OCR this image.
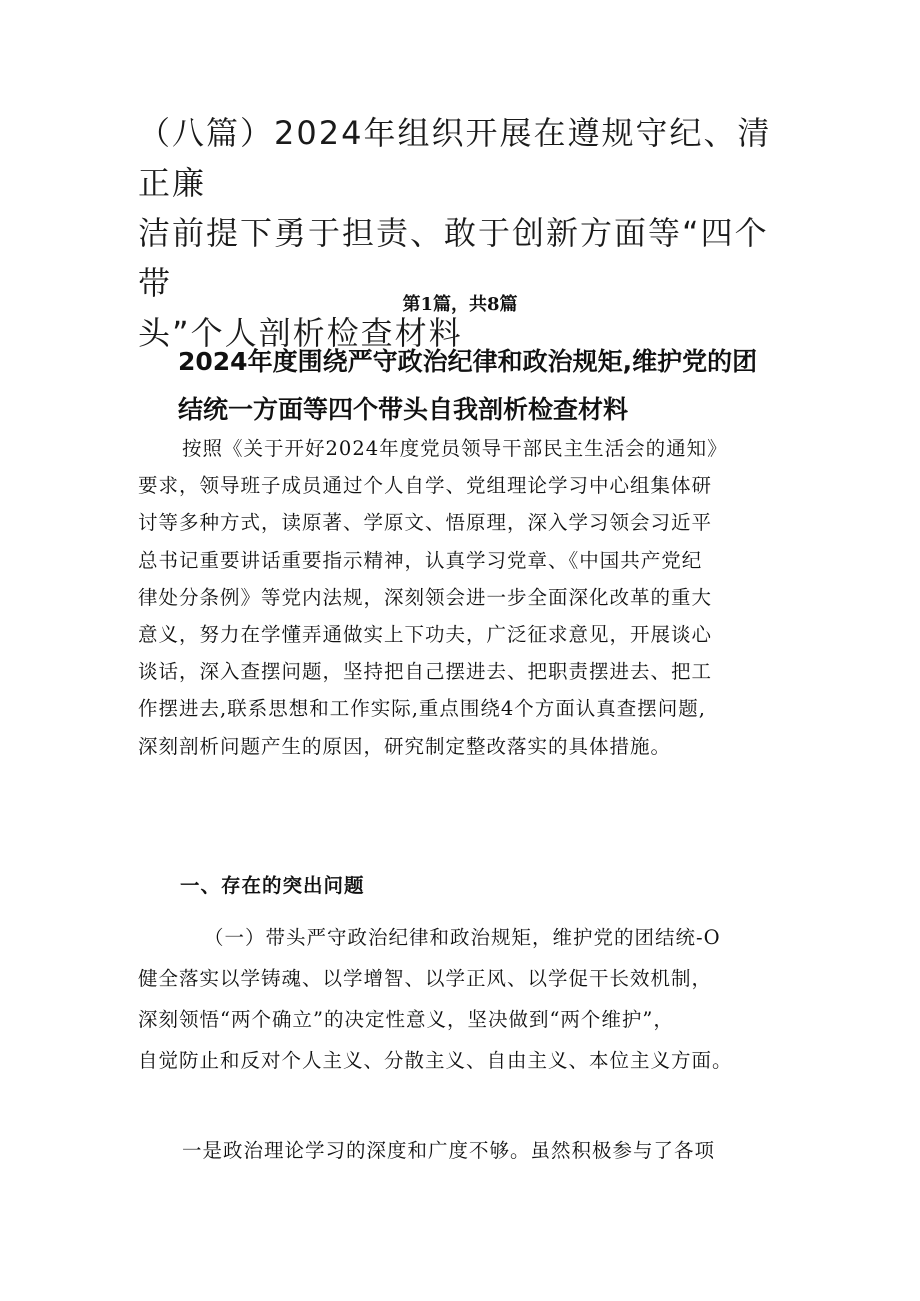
（八篇）2024年组织开展在遵规守纪、清正廉
洁前提下勇于担责、敢于创新方面等“四个带
头”个人剖析检查材料
第1篇，共8篇
2024年度围绕严守政治纪律和政治规矩,维护党的团
结统一方面等四个带头自我剖析检查材料
按照《关于开好2024年度党员领导干部民主生活会的通知》
要求，领导班子成员通过个人自学、党组理论学习中心组集体研
讨等多种方式，读原著、学原文、悟原理，深入学习领会习近平
总书记重要讲话重要指示精神，认真学习党章、《中国共产党纪
律处分条例》等党内法规，深刻领会进一步全面深化改革的重大
意义，努力在学懂弄通做实上下功夫，广泛征求意见，开展谈心
谈话，深入查摆问题，坚持把自己摆进去、把职责摆进去、把工
作摆进去,联系思想和工作实际,重点围绕4个方面认真查摆问题,
深刻剖析问题产生的原因，研究制定整改落实的具体措施。
一、存在的突出问题
（一）带头严守政治纪律和政治规矩，维护党的团结统-O
健全落实以学铸魂、以学增智、以学正风、以学促干长效机制，
深刻领悟“两个确立”的决定性意义，坚决做到“两个维护”，
自觉防止和反对个人主义、分散主义、自由主义、本位主义方面。
一是政治理论学习的深度和广度不够。虽然积极参与了各项
